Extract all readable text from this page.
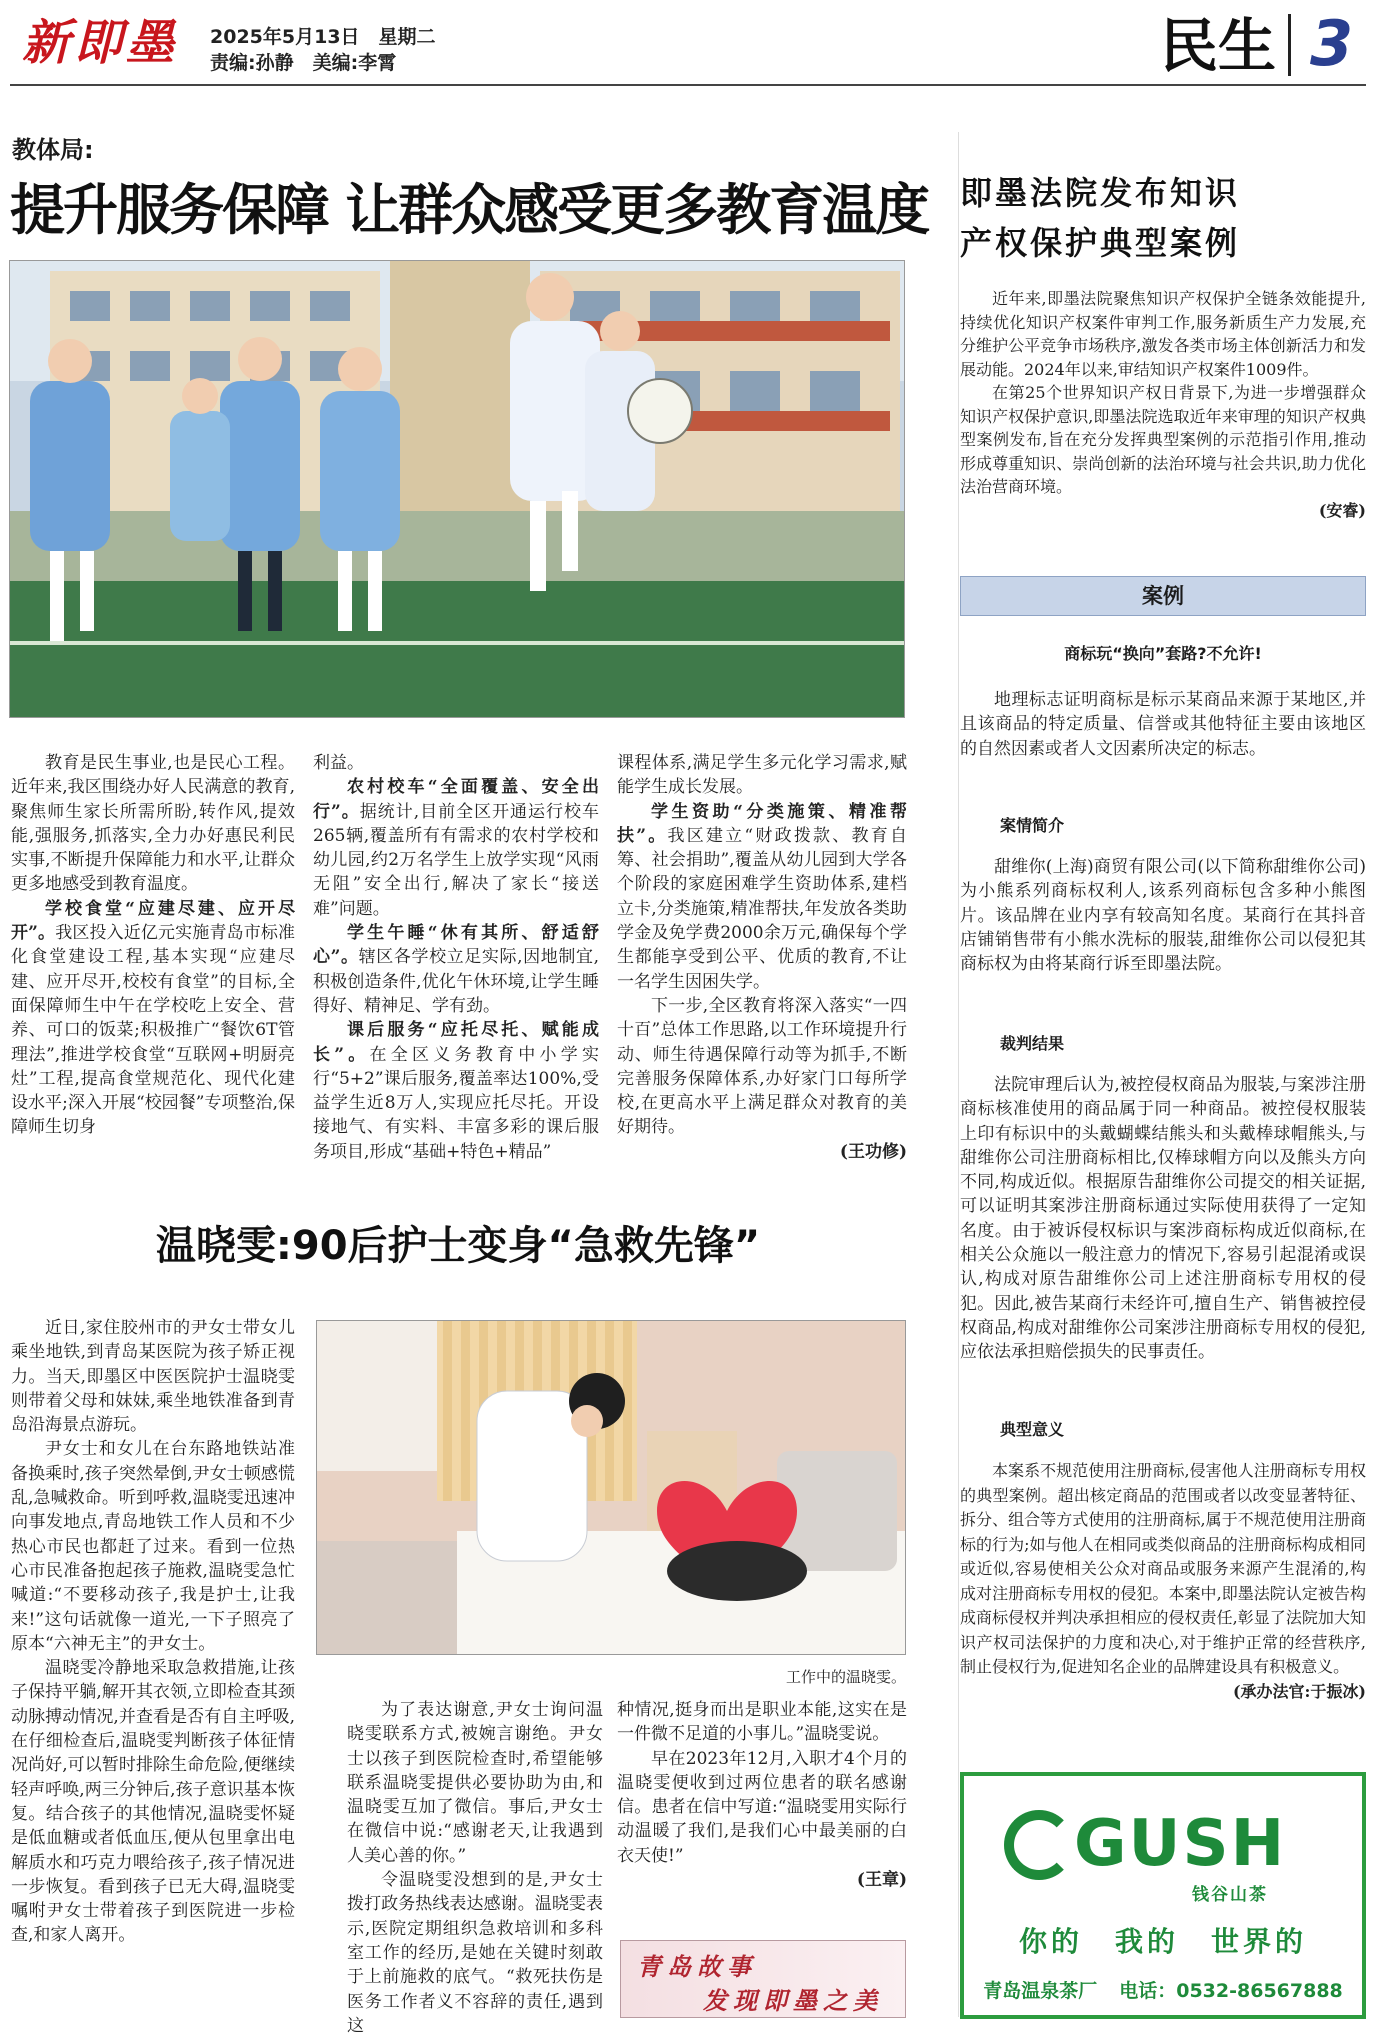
新即墨	2025年5月13日　星期二
责编:孙静　美编:李霄	民生 3
教体局:
提升服务保障 让群众感受更多教育温度

教育是民生事业,也是民心工程。近年来,我区围绕办好人民满意的教育,聚焦师生家长所需所盼,转作风,提效能,强服务,抓落实,全力办好惠民利民实事,不断提升保障能力和水平,让群众更多地感受到教育温度。

学校食堂“应建尽建、应开尽开”。我区投入近亿元实施青岛市标准化食堂建设工程,基本实现“应建尽建、应开尽开,校校有食堂”的目标,全面保障师生中午在学校吃上安全、营养、可口的饭菜;积极推广“餐饮6T管理法”,推进学校食堂“互联网+明厨亮灶”工程,提高食堂规范化、现代化建设水平;深入开展“校园餐”专项整治,保障师生切身

利益。

农村校车“全面覆盖、安全出行”。据统计,目前全区开通运行校车265辆,覆盖所有有需求的农村学校和幼儿园,约2万名学生上放学实现“风雨无阻”安全出行,解决了家长“接送难”问题。

学生午睡“休有其所、舒适舒心”。辖区各学校立足实际,因地制宜,积极创造条件,优化午休环境,让学生睡得好、精神足、学有劲。

课后服务“应托尽托、赋能成长”。在全区义务教育中小学实行“5+2”课后服务,覆盖率达100%,受益学生近8万人,实现应托尽托。开设接地气、有实料、丰富多彩的课后服务项目,形成“基础+特色+精品”

课程体系,满足学生多元化学习需求,赋能学生成长发展。

学生资助“分类施策、精准帮扶”。我区建立“财政拨款、教育自筹、社会捐助”,覆盖从幼儿园到大学各个阶段的家庭困难学生资助体系,建档立卡,分类施策,精准帮扶,年发放各类助学金及免学费2000余万元,确保每个学生都能享受到公平、优质的教育,不让一名学生因困失学。

下一步,全区教育将深入落实“一四十百”总体工作思路,以工作环境提升行动、师生待遇保障行动等为抓手,不断完善服务保障体系,办好家门口每所学校,在更高水平上满足群众对教育的美好期待。

(王功修)

温晓雯:90后护士变身“急救先锋”

近日,家住胶州市的尹女士带女儿乘坐地铁,到青岛某医院为孩子矫正视力。当天,即墨区中医医院护士温晓雯则带着父母和妹妹,乘坐地铁准备到青岛沿海景点游玩。

尹女士和女儿在台东路地铁站准备换乘时,孩子突然晕倒,尹女士顿感慌乱,急喊救命。听到呼救,温晓雯迅速冲向事发地点,青岛地铁工作人员和不少热心市民也都赶了过来。看到一位热心市民准备抱起孩子施救,温晓雯急忙喊道:“不要移动孩子,我是护士,让我来!”这句话就像一道光,一下子照亮了原本“六神无主”的尹女士。

温晓雯冷静地采取急救措施,让孩子保持平躺,解开其衣领,立即检查其颈动脉搏动情况,并查看是否有自主呼吸,在仔细检查后,温晓雯判断孩子体征情况尚好,可以暂时排除生命危险,便继续轻声呼唤,两三分钟后,孩子意识基本恢复。结合孩子的其他情况,温晓雯怀疑是低血糖或者低血压,便从包里拿出电解质水和巧克力喂给孩子,孩子情况进一步恢复。看到孩子已无大碍,温晓雯嘱咐尹女士带着孩子到医院进一步检查,和家人离开。

工作中的温晓雯。

为了表达谢意,尹女士询问温晓雯联系方式,被婉言谢绝。尹女士以孩子到医院检查时,希望能够联系温晓雯提供必要协助为由,和温晓雯互加了微信。事后,尹女士在微信中说:“感谢老天,让我遇到人美心善的你。”

令温晓雯没想到的是,尹女士拨打政务热线表达感谢。温晓雯表示,医院定期组织急救培训和多科室工作的经历,是她在关键时刻敢于上前施救的底气。“救死扶伤是医务工作者义不容辞的责任,遇到这

种情况,挺身而出是职业本能,这实在是一件微不足道的小事儿。”温晓雯说。

早在2023年12月,入职才4个月的温晓雯便收到过两位患者的联名感谢信。患者在信中写道:“温晓雯用实际行动温暖了我们,是我们心中最美丽的白衣天使!”

(王章)

青岛故事
发现即墨之美
即墨法院发布知识
产权保护典型案例

近年来,即墨法院聚焦知识产权保护全链条效能提升,持续优化知识产权案件审判工作,服务新质生产力发展,充分维护公平竞争市场秩序,激发各类市场主体创新活力和发展动能。2024年以来,审结知识产权案件1009件。

在第25个世界知识产权日背景下,为进一步增强群众知识产权保护意识,即墨法院选取近年来审理的知识产权典型案例发布,旨在充分发挥典型案例的示范指引作用,推动形成尊重知识、崇尚创新的法治环境与社会共识,助力优化法治营商环境。

(安睿)

案例
商标玩“换向”套路?不允许!

地理标志证明商标是标示某商品来源于某地区,并且该商品的特定质量、信誉或其他特征主要由该地区的自然因素或者人文因素所决定的标志。

案情简介

甜维你(上海)商贸有限公司(以下简称甜维你公司)为小熊系列商标权利人,该系列商标包含多种小熊图片。该品牌在业内享有较高知名度。某商行在其抖音店铺销售带有小熊水洗标的服装,甜维你公司以侵犯其商标权为由将某商行诉至即墨法院。

裁判结果

法院审理后认为,被控侵权商品为服装,与案涉注册商标核准使用的商品属于同一种商品。被控侵权服装上印有标识中的头戴蝴蝶结熊头和头戴棒球帽熊头,与甜维你公司注册商标相比,仅棒球帽方向以及熊头方向不同,构成近似。根据原告甜维你公司提交的相关证据,可以证明其案涉注册商标通过实际使用获得了一定知名度。由于被诉侵权标识与案涉商标构成近似商标,在相关公众施以一般注意力的情况下,容易引起混淆或误认,构成对原告甜维你公司上述注册商标专用权的侵犯。因此,被告某商行未经许可,擅自生产、销售被控侵权商品,构成对甜维你公司案涉注册商标专用权的侵犯,应依法承担赔偿损失的民事责任。

典型意义

本案系不规范使用注册商标,侵害他人注册商标专用权的典型案例。超出核定商品的范围或者以改变显著特征、拆分、组合等方式使用的注册商标,属于不规范使用注册商标的行为;如与他人在相同或类似商品的注册商标构成相同或近似,容易使相关公众对商品或服务来源产生混淆的,构成对注册商标专用权的侵犯。本案中,即墨法院认定被告构成商标侵权并判决承担相应的侵权责任,彰显了法院加大知识产权司法保护的力度和决心,对于维护正常的经营秩序,制止侵权行为,促进知名企业的品牌建设具有积极意义。

(承办法官:于振冰)

GUSH
钱谷山茶
你的　我的　世界的
青岛温泉茶厂 电话：0532-86567888
